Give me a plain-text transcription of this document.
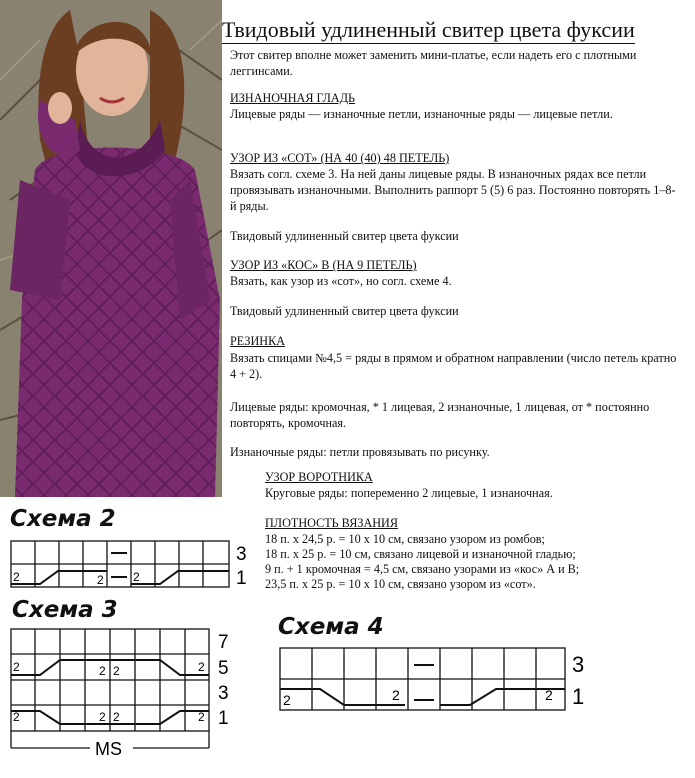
Твидовый удлиненный свитер цвета фуксии
Этот свитер вполне может заменить мини-платье, если надеть его с плотными леггинсами.
ИЗНАНОЧНАЯ ГЛАДЬ
Лицевые ряды — изнаночные петли, изнаночные ряды — лицевые петли.
УЗОР ИЗ «СОТ» (НА 40 (40) 48 ПЕТЕЛЬ)
Вязать согл. схеме 3. На ней даны лицевые ряды. В изнаночных рядах все петли провязывать изнаночными. Выполнить раппорт 5 (5) 6 раз. Постоянно повторять 1–8-й ряды.
Твидовый удлиненный свитер цвета фуксии
УЗОР ИЗ «КОС» В (НА 9 ПЕТЕЛЬ)
Вязать, как узор из «сот», но согл. схеме 4.
Твидовый удлиненный свитер цвета фуксии
РЕЗИНКА
Вязать спицами №4,5 = ряды в прямом и обратном направлении (число петель кратно 4 + 2).
Лицевые ряды: кромочная, * 1 лицевая, 2 изнаночные, 1 лицевая, от * постоянно повторять, кромочная.
Изнаночные ряды: петли провязывать по рисунку.
УЗОР ВОРОТНИКА
Круговые ряды: попеременно 2 лицевые, 1 изнаночная.
ПЛОТНОСТЬ ВЯЗАНИЯ
18 п. х 24,5 р. = 10 х 10 см, связано узором из ромбов;
18 п. х 25 р. = 10 см, связано лицевой и изнаночной гладью;
9 п. + 1 кромочная = 4,5 см, связано узорами из «кос» А и В;
23,5 п. х 25 р. = 10 х 10 см, связано узором из «сот».
Схема 2
Схема 3
Схема 4
2	2 2
3
1
2	2 2	2
2	2 2	2
7
5
3
1
MS
2	2	2
3
1
